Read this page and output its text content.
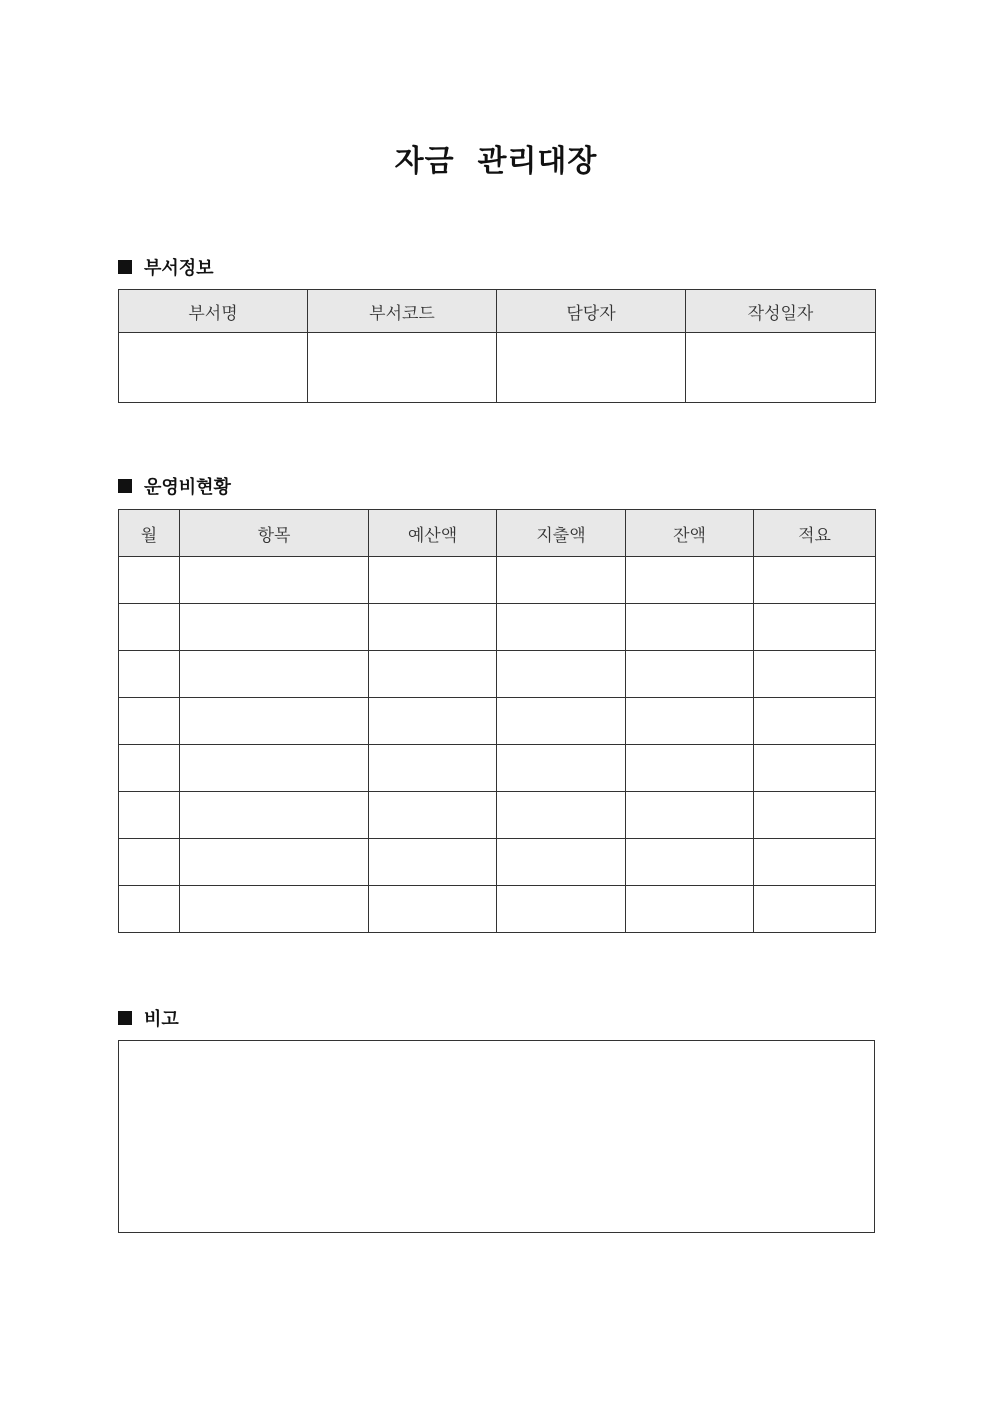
자금  관리대장
부서정보
부서명	부서코드	담당자	작성일자

운영비현황
월	항목	예산액	지출액	잔액	적요

비고
